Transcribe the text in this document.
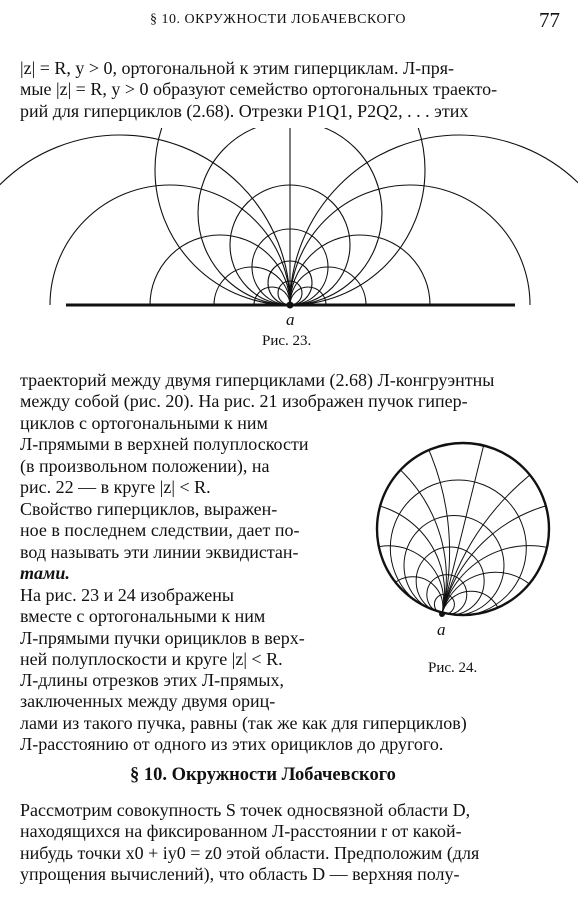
§ 10. ОКРУЖНОСТИ ЛОБАЧЕВСКОГО	77
|z| = R, y > 0, ортогональной к этим гиперциклам. Л-пря-
мые |z| = R, y > 0 образуют семейство ортогональных траекто-
рий для гиперциклов (2.68). Отрезки P1Q1, P2Q2, . . . этих
a
Рис. 23.
траекторий между двумя гиперциклами (2.68) Л-конгруэнтны
между собой (рис. 20). На рис. 21 изображен пучок гипер-
циклов с ортогональными к ним
Л-прямыми в верхней полуплоскости
(в произвольном положении), на
рис. 22 — в круге |z| < R.
Свойство гиперциклов, выражен-
ное в последнем следствии, дает по-
вод называть эти линии эквидистан-
тами.
На рис. 23 и 24 изображены
вместе с ортогональными к ним
Л-прямыми пучки орициклов в верх-
ней полуплоскости и круге |z| < R.
Л-длины отрезков этих Л-прямых,
заключенных между двумя ориц-
a
Рис. 24.
лами из такого пучка, равны (так же как для гиперциклов)
Л-расстоянию от одного из этих орициклов до другого.
§ 10. Окружности Лобачевского
Рассмотрим совокупность S точек односвязной области D,
находящихся на фиксированном Л-расстоянии r от какой-
нибудь точки x0 + iy0 = z0 этой области. Предположим (для
упрощения вычислений), что область D — верхняя полу-
